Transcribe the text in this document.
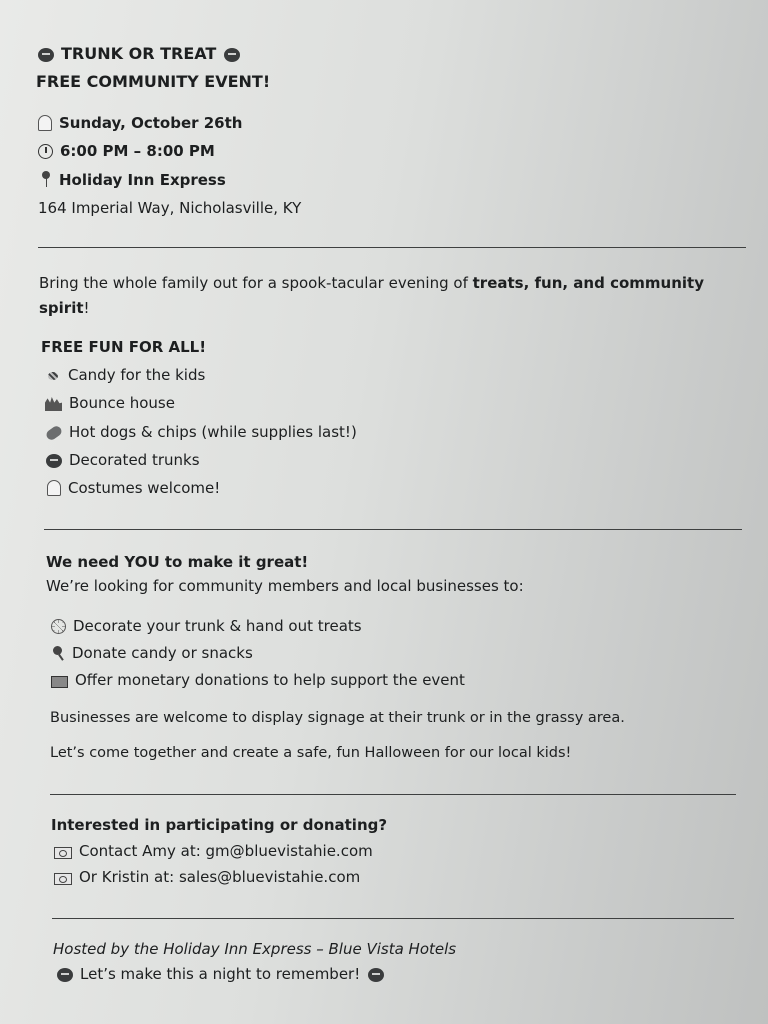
TRUNK OR TREAT
FREE COMMUNITY EVENT!
Sunday, October 26th
6:00 PM – 8:00 PM
Holiday Inn Express
164 Imperial Way, Nicholasville, KY
Bring the whole family out for a spook-tacular evening of treats, fun, and community
spirit!
FREE FUN FOR ALL!
Candy for the kids
Bounce house
Hot dogs & chips (while supplies last!)
Decorated trunks
Costumes welcome!
We need YOU to make it great!
We’re looking for community members and local businesses to:
Decorate your trunk & hand out treats
Donate candy or snacks
Offer monetary donations to help support the event
Businesses are welcome to display signage at their trunk or in the grassy area.
Let’s come together and create a safe, fun Halloween for our local kids!
Interested in participating or donating?
Contact Amy at: gm@bluevistahie.com
Or Kristin at: sales@bluevistahie.com
Hosted by the Holiday Inn Express – Blue Vista Hotels
Let’s make this a night to remember!
